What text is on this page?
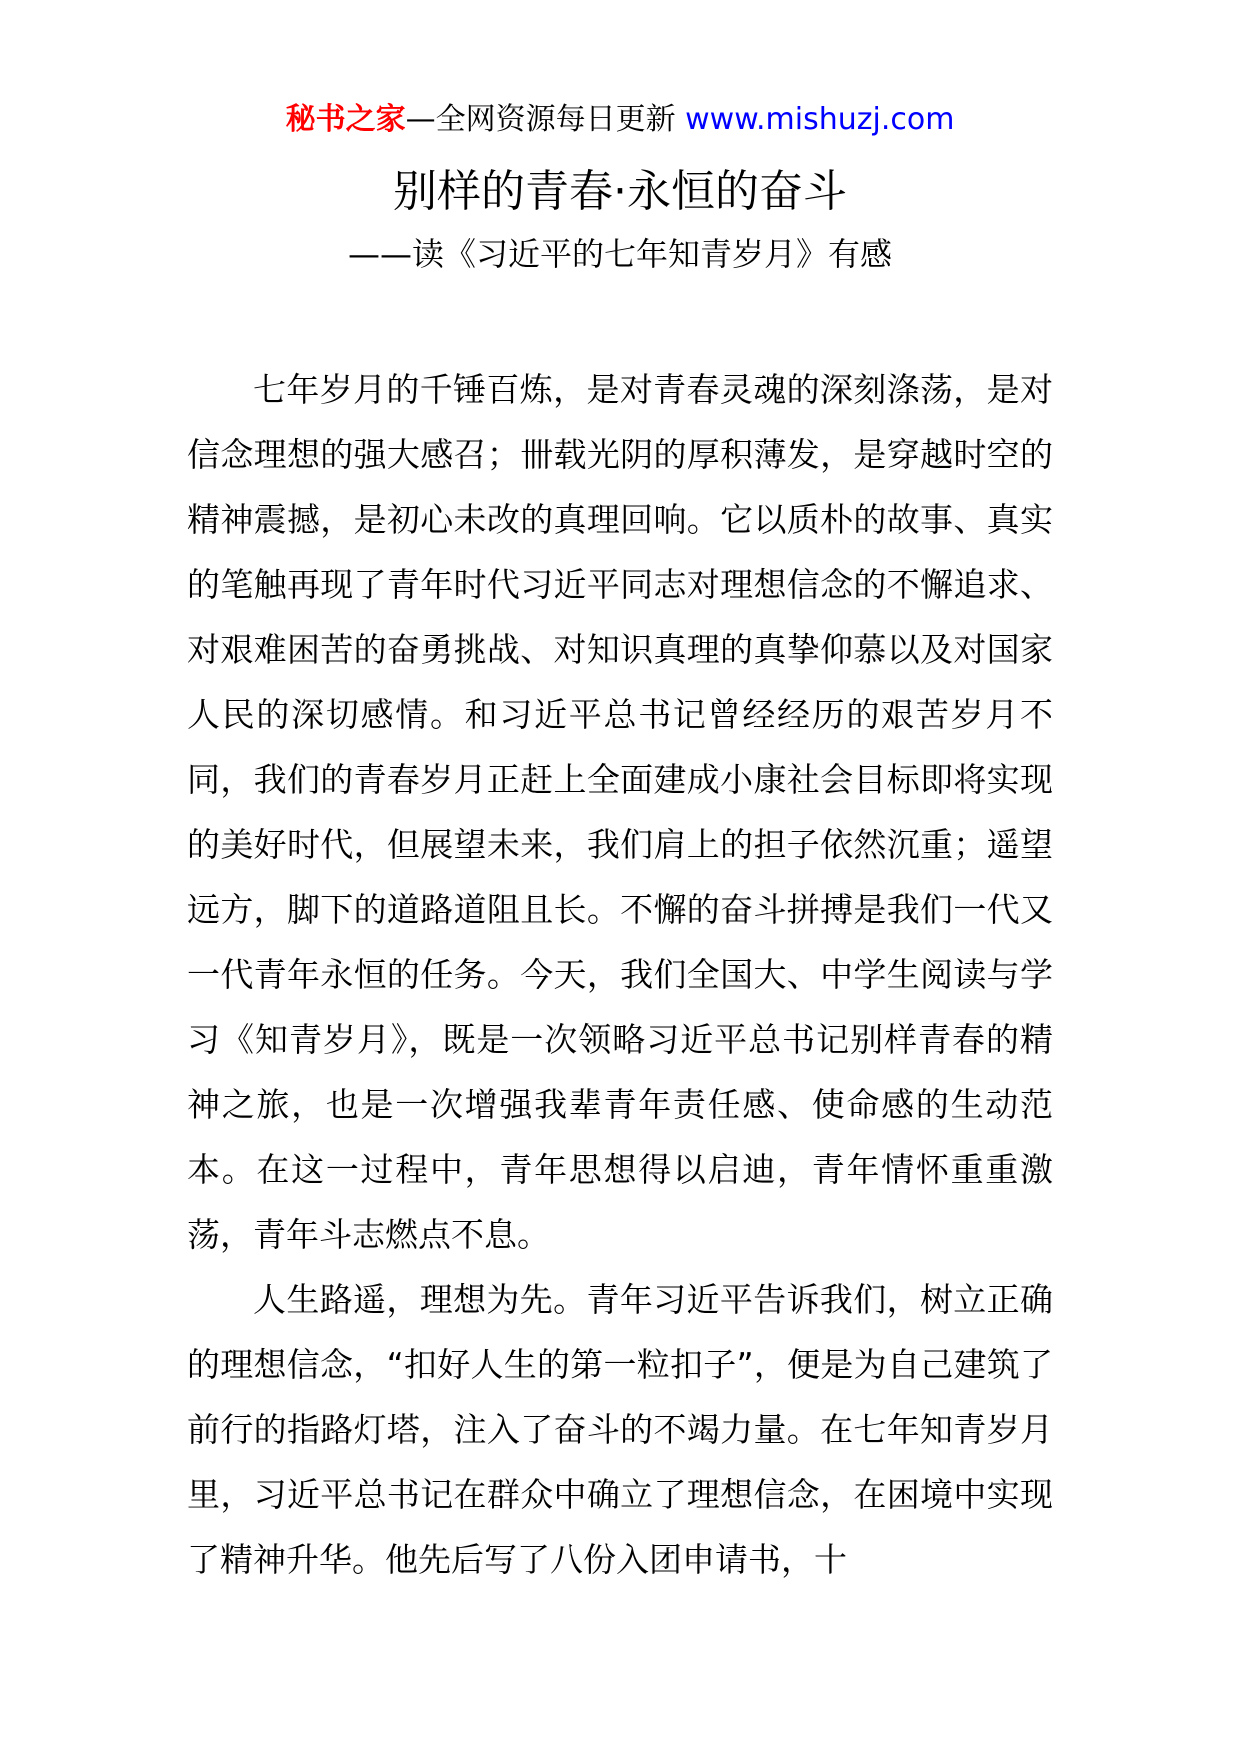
秘书之家—全网资源每日更新 www.mishuzj.com
别样的青春·永恒的奋斗
——读《习近平的七年知青岁月》有感

七年岁月的千锤百炼，是对青春灵魂的深刻涤荡，是对信念理想的强大感召；卌载光阴的厚积薄发，是穿越时空的精神震撼，是初心未改的真理回响。它以质朴的故事、真实的笔触再现了青年时代习近平同志对理想信念的不懈追求、对艰难困苦的奋勇挑战、对知识真理的真挚仰慕以及对国家人民的深切感情。和习近平总书记曾经经历的艰苦岁月不同，我们的青春岁月正赶上全面建成小康社会目标即将实现的美好时代，但展望未来，我们肩上的担子依然沉重；遥望远方，脚下的道路道阻且长。不懈的奋斗拼搏是我们一代又一代青年永恒的任务。今天，我们全国大、中学生阅读与学习《知青岁月》，既是一次领略习近平总书记别样青春的精神之旅，也是一次增强我辈青年责任感、使命感的生动范本。在这一过程中，青年思想得以启迪，青年情怀重重激荡，青年斗志燃点不息。

人生路遥，理想为先。青年习近平告诉我们，树立正确的理想信念，“扣好人生的第一粒扣子”，便是为自己建筑了前行的指路灯塔，注入了奋斗的不竭力量。在七年知青岁月里，习近平总书记在群众中确立了理想信念，在困境中实现了精神升华。他先后写了八份入团申请书，十
